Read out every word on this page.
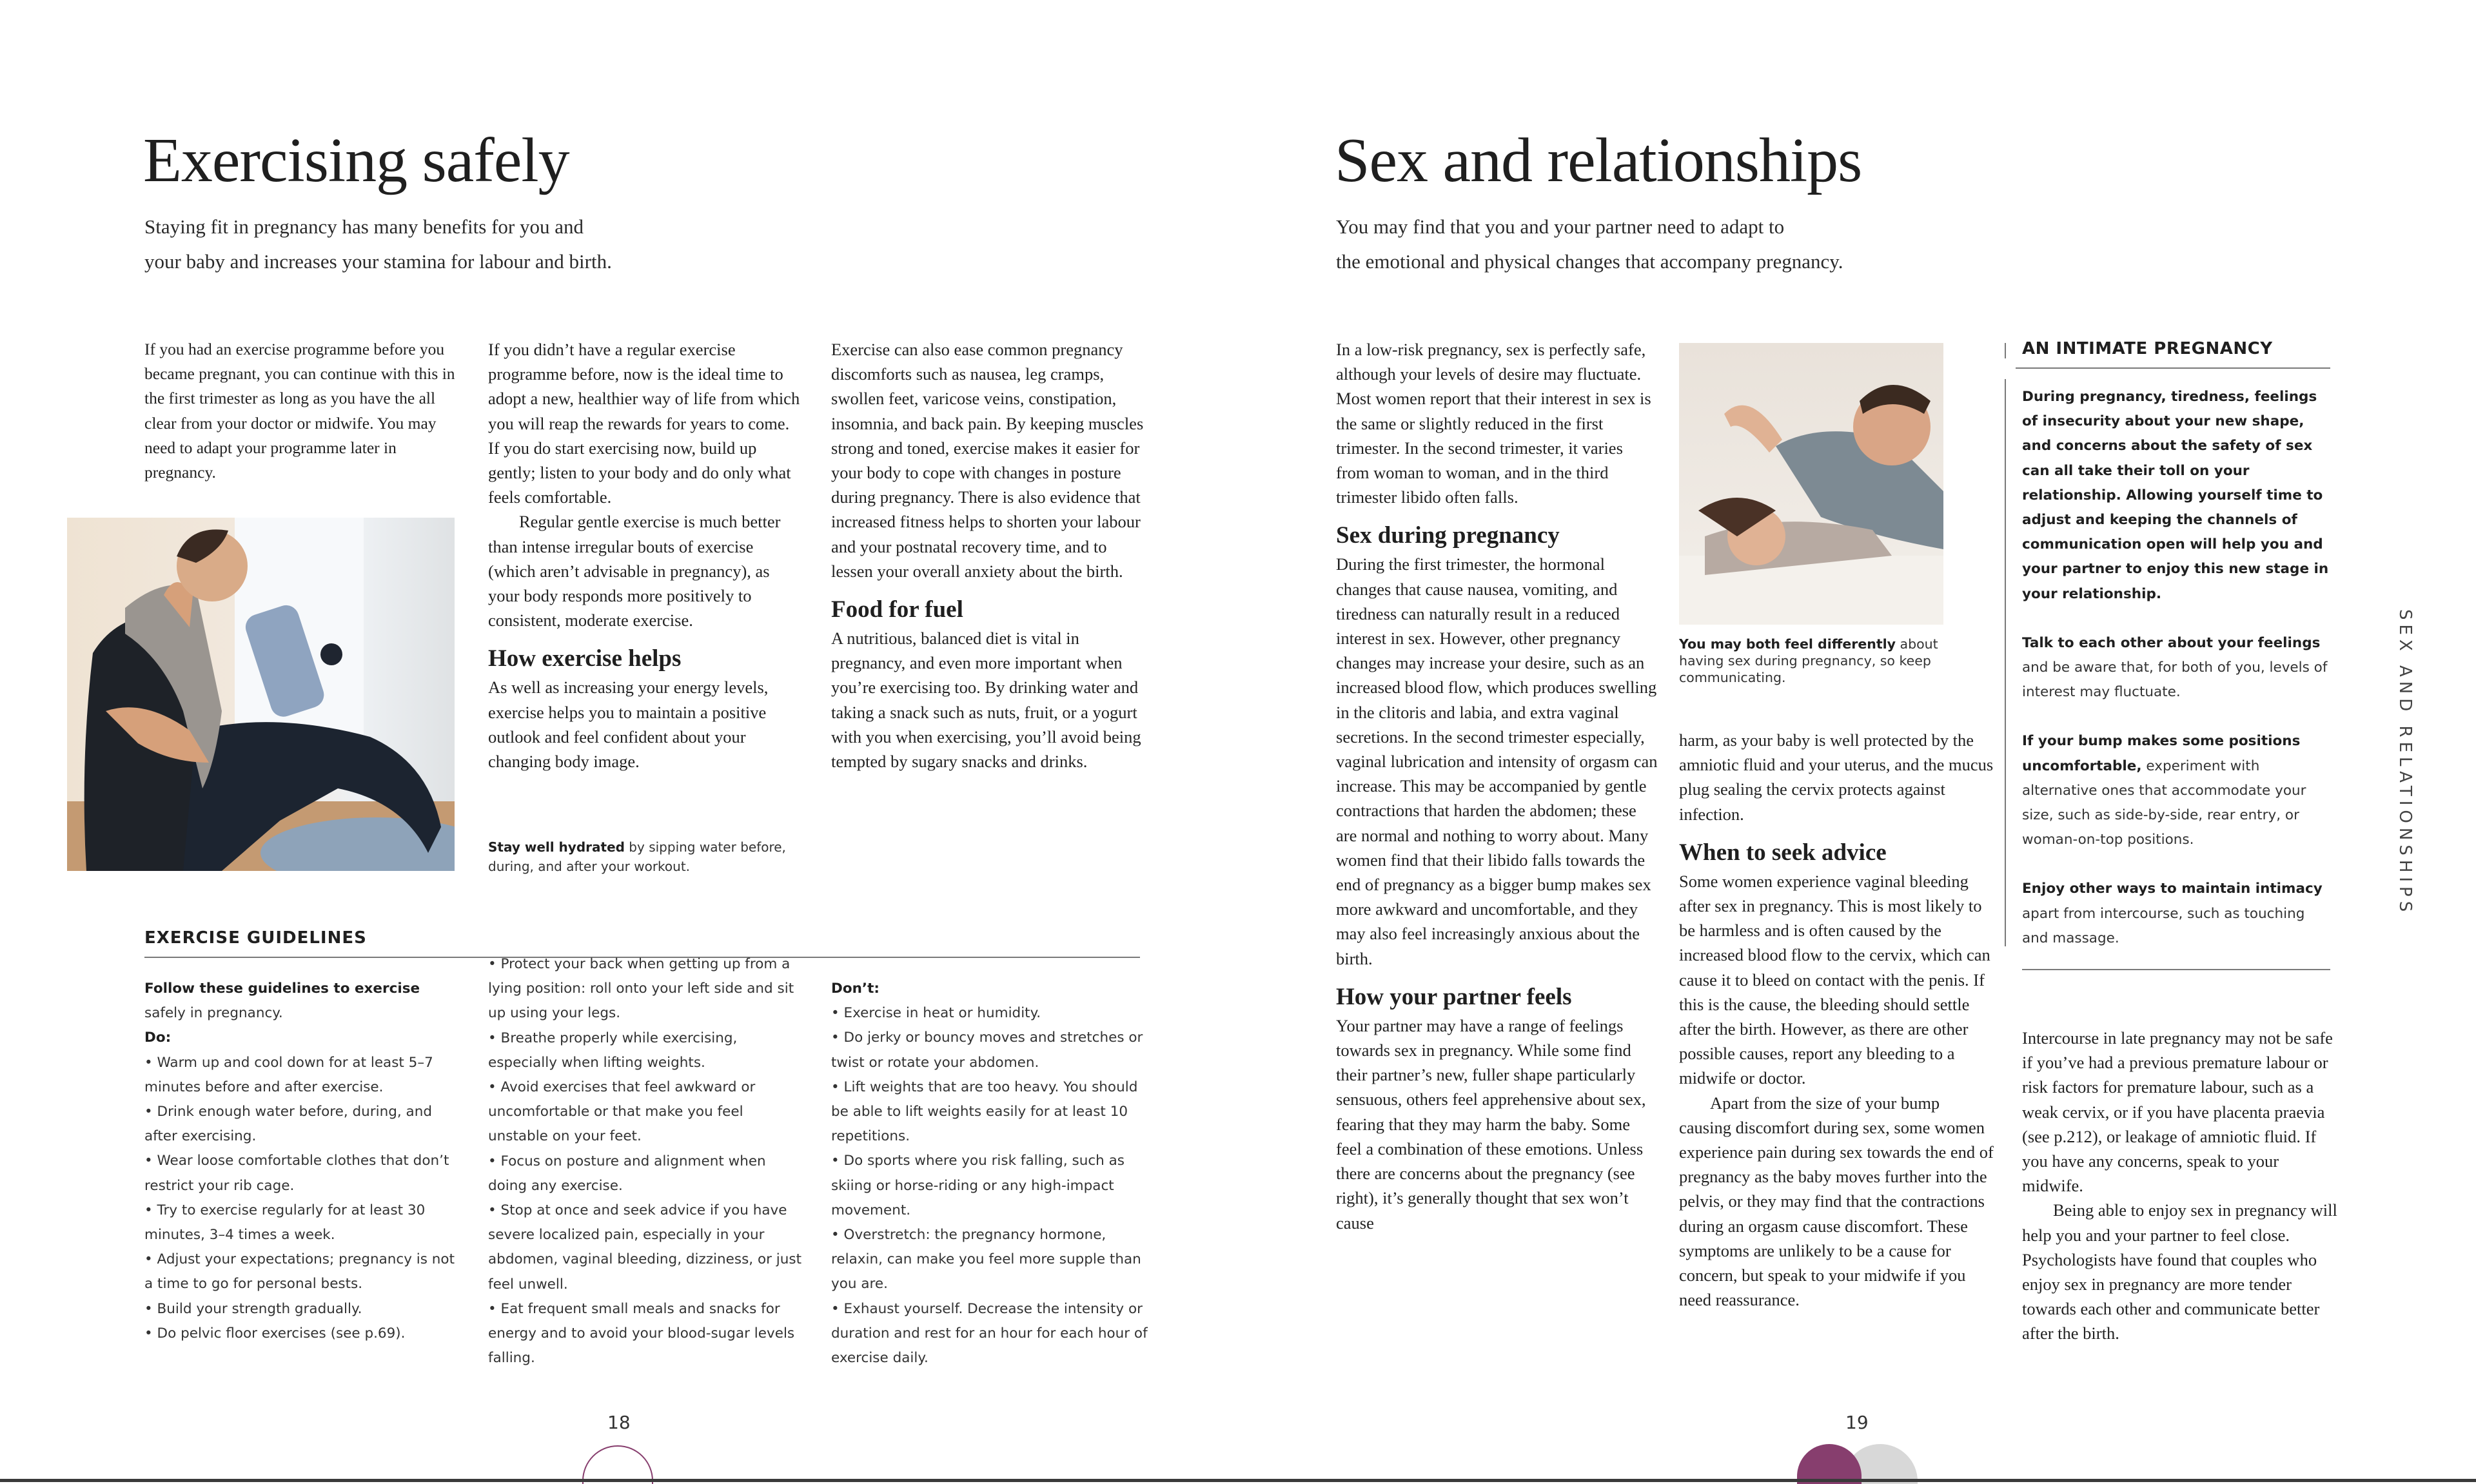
Exercising safely
Staying fit in pregnancy has many benefits for you and
your baby and increases your stamina for labour and birth.

If you had an exercise programme before you became pregnant, you can continue with this in the first trimester as long as you have the all clear from your doctor or midwife. You may need to adapt your programme later in pregnancy.

If you didn’t have a regular exercise programme before, now is the ideal time to adopt a new, healthier way of life from which you will reap the rewards for years to come. If you do start exercising now, build up gently; listen to your body and do only what feels comfortable.

Regular gentle exercise is much better than intense irregular bouts of exercise (which aren’t advisable in pregnancy), as your body responds more positively to consistent, moderate exercise.

How exercise helps

As well as increasing your energy levels, exercise helps you to maintain a positive outlook and feel confident about your changing body image.

Stay well hydrated by sipping water before, during, and after your workout.

Exercise can also ease common pregnancy discomforts such as nausea, leg cramps, swollen feet, varicose veins, constipation, insomnia, and back pain. By keeping muscles strong and toned, exercise makes it easier for your body to cope with changes in posture during pregnancy. There is also evidence that increased fitness helps to shorten your labour and your postnatal recovery time, and to lessen your overall anxiety about the birth.

Food for fuel

A nutritious, balanced diet is vital in pregnancy, and even more important when you’re exercising too. By drinking water and taking a snack such as nuts, fruit, or a yogurt with you when exercising, you’ll avoid being tempted by sugary snacks and drinks.

EXERCISE GUIDELINES
Follow these guidelines to exercise
safely in pregnancy.
Do:
• Warm up and cool down for at least 5–7 minutes before and after exercise.
• Drink enough water before, during, and after exercising.
• Wear loose comfortable clothes that don’t restrict your rib cage.
• Try to exercise regularly for at least 30 minutes, 3–4 times a week.
• Adjust your expectations; pregnancy is not a time to go for personal bests.
• Build your strength gradually.
• Do pelvic floor exercises (see p.69).
• Protect your back when getting up from a lying position: roll onto your left side and sit up using your legs.
• Breathe properly while exercising, especially when lifting weights.
• Avoid exercises that feel awkward or uncomfortable or that make you feel unstable on your feet.
• Focus on posture and alignment when doing any exercise.
• Stop at once and seek advice if you have severe localized pain, especially in your abdomen, vaginal bleeding, dizziness, or just feel unwell.
• Eat frequent small meals and snacks for energy and to avoid your blood-sugar levels falling.
Don’t:
• Exercise in heat or humidity.
• Do jerky or bouncy moves and stretches or twist or rotate your abdomen.
• Lift weights that are too heavy. You should be able to lift weights easily for at least 10 repetitions.
• Do sports where you risk falling, such as skiing or horse-riding or any high-impact movement.
• Overstretch: the pregnancy hormone, relaxin, can make you feel more supple than you are.
• Exhaust yourself. Decrease the intensity or duration and rest for an hour for each hour of exercise daily.
18
Sex and relationships
You may find that you and your partner need to adapt to
the emotional and physical changes that accompany pregnancy.

In a low-risk pregnancy, sex is perfectly safe, although your levels of desire may fluctuate. Most women report that their interest in sex is the same or slightly reduced in the first trimester. In the second trimester, it varies from woman to woman, and in the third trimester libido often falls.

Sex during pregnancy

During the first trimester, the hormonal changes that cause nausea, vomiting, and tiredness can naturally result in a reduced interest in sex. However, other pregnancy changes may increase your desire, such as an increased blood flow, which produces swelling in the clitoris and labia, and extra vaginal secretions. In the second trimester especially, vaginal lubrication and intensity of orgasm can increase. This may be accompanied by gentle contractions that harden the abdomen; these are normal and nothing to worry about. Many women find that their libido falls towards the end of pregnancy as a bigger bump makes sex more awkward and uncomfortable, and they may also feel increasingly anxious about the birth.

How your partner feels

Your partner may have a range of feelings towards sex in pregnancy. While some find their partner’s new, fuller shape particularly sensuous, others feel apprehensive about sex, fearing that they may harm the baby. Some feel a combination of these emotions. Unless there are concerns about the pregnancy (see right), it’s generally thought that sex won’t cause

You may both feel differently about having sex during pregnancy, so keep communicating.

harm, as your baby is well protected by the amniotic fluid and your uterus, and the mucus plug sealing the cervix protects against infection.

When to seek advice

Some women experience vaginal bleeding after sex in pregnancy. This is most likely to be harmless and is often caused by the increased blood flow to the cervix, which can cause it to bleed on contact with the penis. If this is the cause, the bleeding should settle after the birth. However, as there are other possible causes, report any bleeding to a midwife or doctor.

Apart from the size of your bump causing discomfort during sex, some women experience pain during sex towards the end of pregnancy as the baby moves further into the pelvis, or they may find that the contractions during an orgasm cause discomfort. These symptoms are unlikely to be a cause for concern, but speak to your midwife if you need reassurance.

AN INTIMATE PREGNANCY

During pregnancy, tiredness, feelings of insecurity about your new shape, and concerns about the safety of sex can all take their toll on your relationship. Allowing yourself time to adjust and keeping the channels of communication open will help you and your partner to enjoy this new stage in your relationship.

Talk to each other about your feelings and be aware that, for both of you, levels of interest may fluctuate.

If your bump makes some positions uncomfortable, experiment with alternative ones that accommodate your size, such as side-by-side, rear entry, or woman-on-top positions.

Enjoy other ways to maintain intimacy apart from intercourse, such as touching and massage.

Intercourse in late pregnancy may not be safe if you’ve had a previous premature labour or risk factors for premature labour, such as a weak cervix, or if you have placenta praevia (see p.212), or leakage of amniotic fluid. If you have any concerns, speak to your midwife.

Being able to enjoy sex in pregnancy will help you and your partner to feel close. Psychologists have found that couples who enjoy sex in pregnancy are more tender towards each other and communicate better after the birth.

SEX AND RELATIONSHIPS
19
